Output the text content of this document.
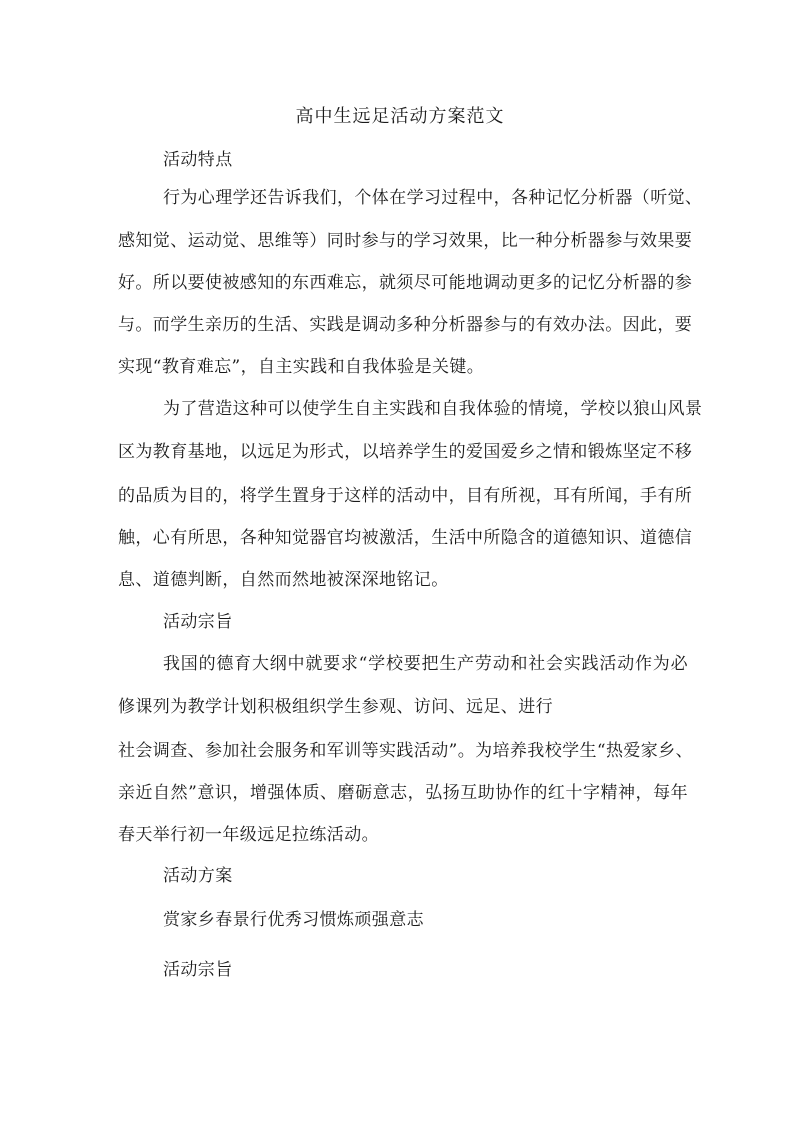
高中生远足活动方案范文
活动特点
行为心理学还告诉我们，个体在学习过程中，各种记忆分析器（听觉、
感知觉、运动觉、思维等）同时参与的学习效果，比一种分析器参与效果要
好。所以要使被感知的东西难忘，就须尽可能地调动更多的记忆分析器的参
与。而学生亲历的生活、实践是调动多种分析器参与的有效办法。因此，要
实现“教育难忘”，自主实践和自我体验是关键。
为了营造这种可以使学生自主实践和自我体验的情境，学校以狼山风景
区为教育基地，以远足为形式，以培养学生的爱国爱乡之情和锻炼坚定不移
的品质为目的，将学生置身于这样的活动中，目有所视，耳有所闻，手有所
触，心有所思，各种知觉器官均被激活，生活中所隐含的道德知识、道德信
息、道德判断，自然而然地被深深地铭记。
活动宗旨
我国的德育大纲中就要求“学校要把生产劳动和社会实践活动作为必
修课列为教学计划积极组织学生参观、访问、远足、进行
社会调查、参加社会服务和军训等实践活动”。为培养我校学生“热爱家乡、
亲近自然”意识，增强体质、磨砺意志，弘扬互助协作的红十字精神，每年
春天举行初一年级远足拉练活动。
活动方案
赏家乡春景行优秀习惯炼顽强意志
活动宗旨
